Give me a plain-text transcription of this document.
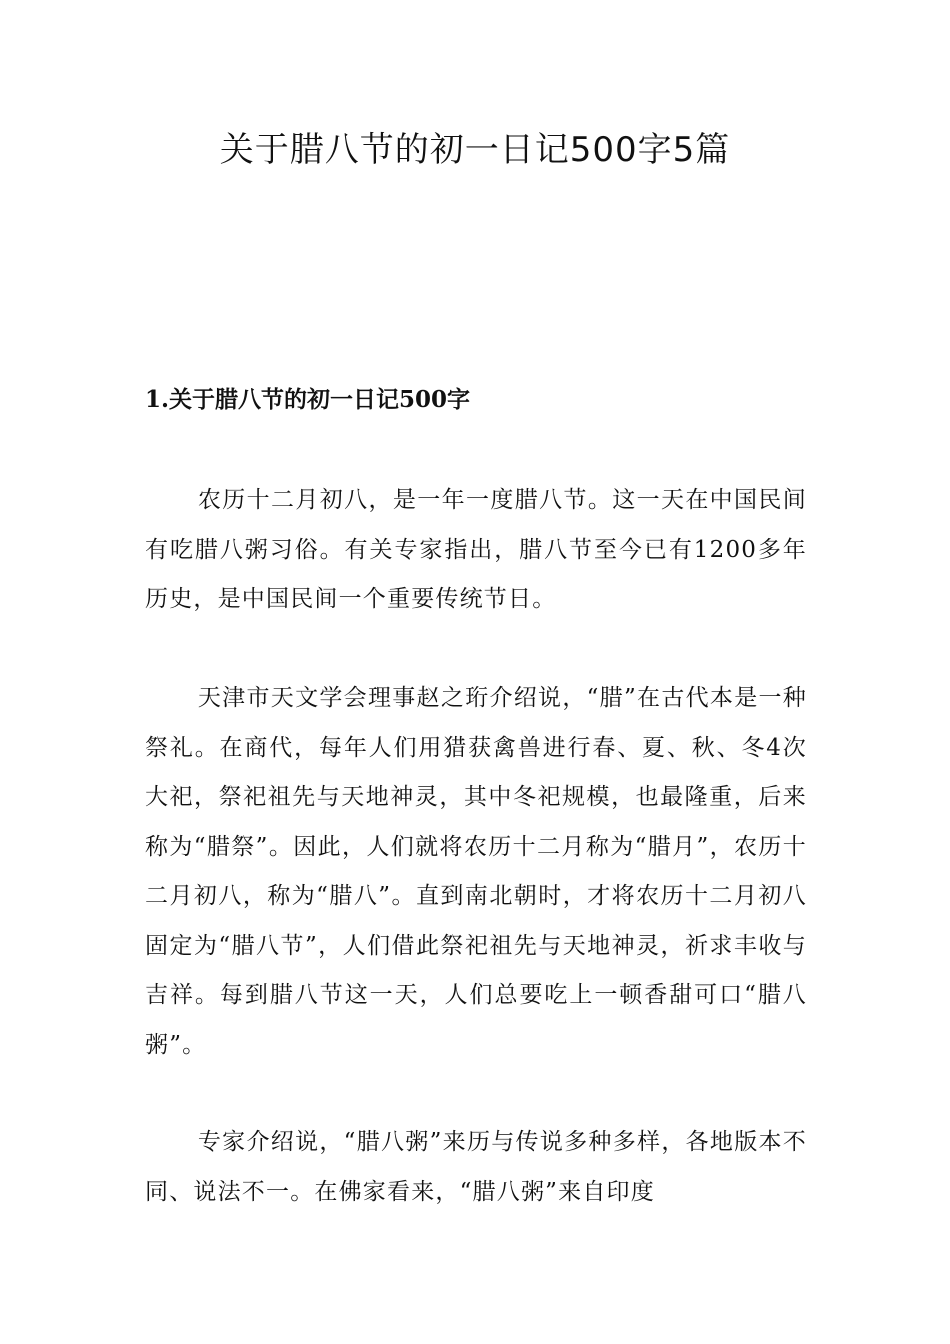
关于腊八节的初一日记500字5篇
1.关于腊八节的初一日记500字

农历十二月初八，是一年一度腊八节。这一天在中国民间有吃腊八粥习俗。有关专家指出，腊八节至今已有1200多年历史，是中国民间一个重要传统节日。

天津市天文学会理事赵之珩介绍说，“腊”在古代本是一种祭礼。在商代，每年人们用猎获禽兽进行春、夏、秋、冬4次大祀，祭祀祖先与天地神灵，其中冬祀规模，也最隆重，后来称为“腊祭”。因此，人们就将农历十二月称为“腊月”，农历十二月初八，称为“腊八”。直到南北朝时，才将农历十二月初八固定为“腊八节”，人们借此祭祀祖先与天地神灵，祈求丰收与吉祥。每到腊八节这一天，人们总要吃上一顿香甜可口“腊八粥”。

专家介绍说，“腊八粥”来历与传说多种多样，各地版本不同、说法不一。在佛家看来，“腊八粥”来自印度
